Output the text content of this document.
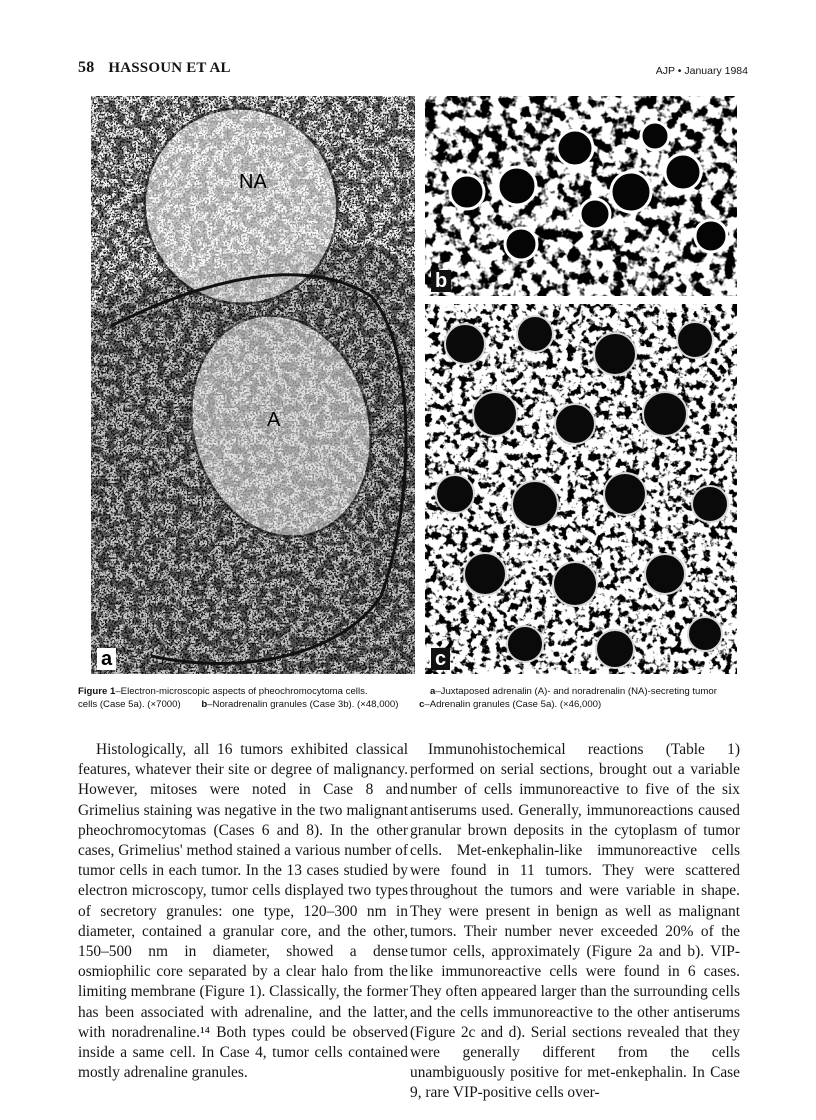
58 HASSOUN ET AL	AJP • January 1984
NA
A
a
b
c
Figure 1–Electron-microscopic aspects of pheochromocytoma cells.	a–Juxtaposed adrenalin (A)- and noradrenalin (NA)-secreting tumor
cells (Case 5a). (×7000) b–Noradrenalin granules (Case 3b). (×48,000) c–Adrenalin granules (Case 5a). (×46,000)

Histologically, all 16 tumors exhibited classical features, whatever their site or degree of malignancy. However, mitoses were noted in Case 8 and Grimelius staining was negative in the two malignant pheochromocytomas (Cases 6 and 8). In the other cases, Grimelius' method stained a various number of tumor cells in each tumor. In the 13 cases studied by electron microscopy, tumor cells displayed two types of secretory granules: one type, 120–300 nm in diameter, contained a granular core, and the other, 150–500 nm in diameter, showed a dense osmiophilic core separated by a clear halo from the limiting membrane (Figure 1). Classically, the former has been associated with adrenaline, and the latter, with noradrenaline.¹⁴ Both types could be observed inside a same cell. In Case 4, tumor cells contained mostly adrenaline granules.

Immunohistochemical reactions (Table 1) performed on serial sections, brought out a variable number of cells immunoreactive to five of the six antiserums used. Generally, immunoreactions caused granular brown deposits in the cytoplasm of tumor cells. Met-enkephalin-like immunoreactive cells were found in 11 tumors. They were scattered throughout the tumors and were variable in shape. They were present in benign as well as malignant tumors. Their number never exceeded 20% of the tumor cells, approximately (Figure 2a and b). VIP-like immunoreactive cells were found in 6 cases. They often appeared larger than the surrounding cells and the cells immunoreactive to the other antiserums (Figure 2c and d). Serial sections revealed that they were generally different from the cells unambiguously positive for met-enkephalin. In Case 9, rare VIP-positive cells over-
